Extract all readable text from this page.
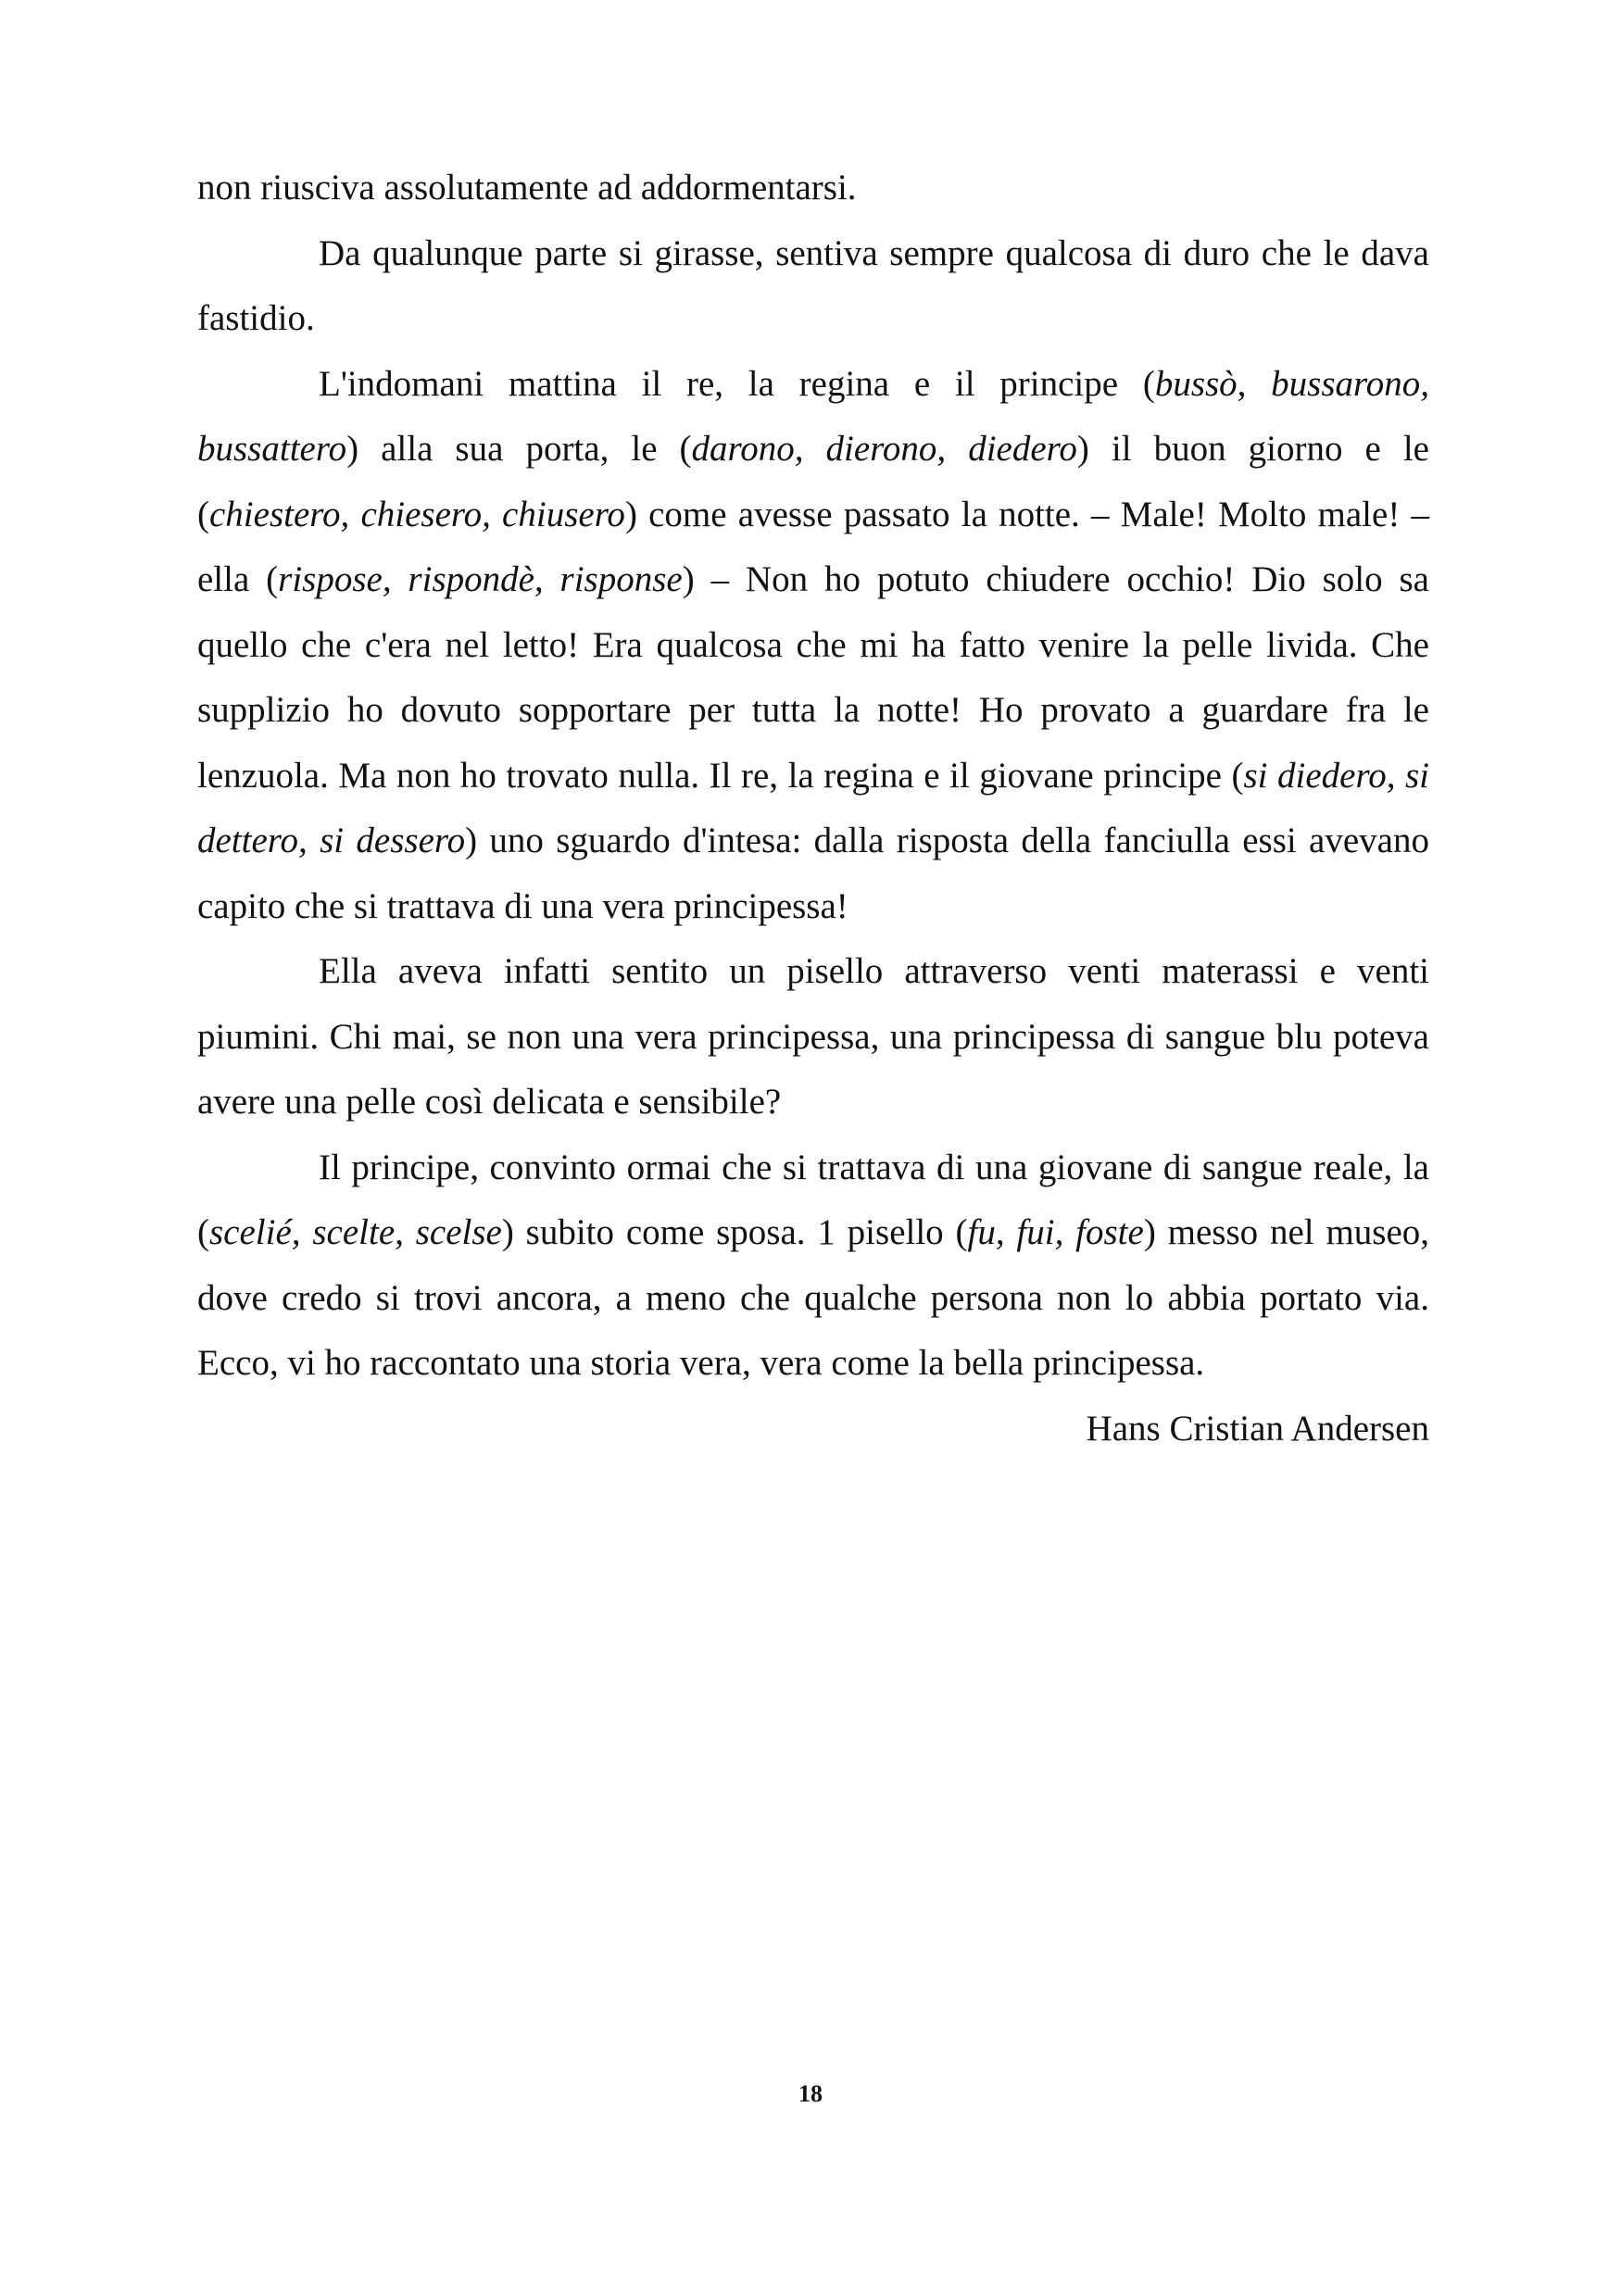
non riusciva assolutamente ad addormentarsi.

Da qualunque parte si girasse, sentiva sempre qualcosa di duro che le dava fastidio.

L'indomani mattina il re, la regina e il principe (bussò, bussarono, bussattero) alla sua porta, le (darono, dierono, diedero) il buon giorno e le (chiestero, chiesero, chiusero) come avesse passato la notte. – Male! Molto male! – ella (rispose, rispondè, risponse) – Non ho potuto chiudere occhio! Dio solo sa quello che c'era nel letto! Era qualcosa che mi ha fatto venire la pelle livida. Che supplizio ho dovuto sopportare per tutta la notte! Ho provato a guardare fra le lenzuola. Ma non ho trovato nulla. Il re, la regina e il giovane principe (si diedero, si dettero, si dessero) uno sguardo d'intesa: dalla risposta della fanciulla essi avevano capito che si trattava di una vera principessa!

Ella aveva infatti sentito un pisello attraverso venti materassi e venti piumini. Chi mai, se non una vera principessa, una principessa di sangue blu poteva avere una pelle così delicata e sensibile?

Il principe, convinto ormai che si trattava di una giovane di sangue reale, la (scelié, scelte, scelse) subito come sposa. 1 pisello (fu, fui, foste) messo nel museo, dove credo si trovi ancora, a meno che qualche persona non lo abbia portato via. Ecco, vi ho raccontato una storia vera, vera come la bella principessa.

Hans Cristian Andersen

18
